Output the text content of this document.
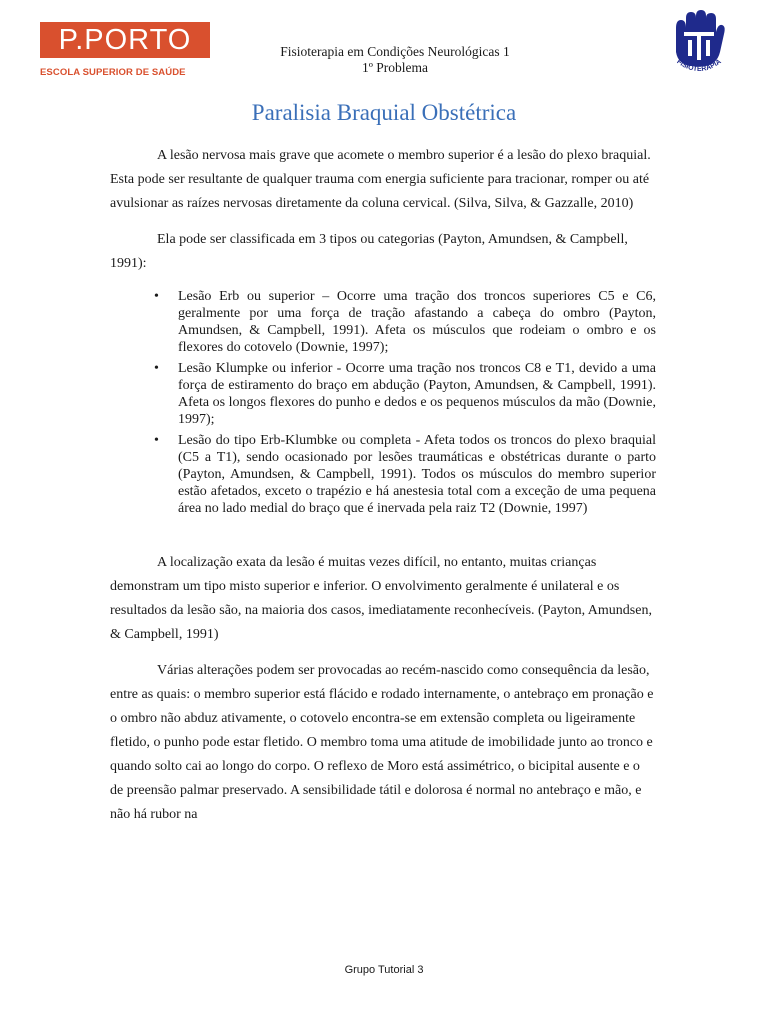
P.PORTO
ESCOLA SUPERIOR DE SAÚDE
Fisioterapia em Condições Neurológicas 1
1º Problema	FISIOTERAPIA
Paralisia Braquial Obstétrica

A lesão nervosa mais grave que acomete o membro superior é a lesão do plexo braquial. Esta pode ser resultante de qualquer trauma com energia suficiente para tracionar, romper ou até avulsionar as raízes nervosas diretamente da coluna cervical. (Silva, Silva, & Gazzalle, 2010)

Ela pode ser classificada em 3 tipos ou categorias (Payton, Amundsen, & Campbell, 1991):

• Lesão Erb ou superior – Ocorre uma tração dos troncos superiores C5 e C6, geralmente por uma força de tração afastando a cabeça do ombro (Payton, Amundsen, & Campbell, 1991). Afeta os músculos que rodeiam o ombro e os flexores do cotovelo (Downie, 1997);
• Lesão Klumpke ou inferior - Ocorre uma tração nos troncos C8 e T1, devido a uma força de estiramento do braço em abdução (Payton, Amundsen, & Campbell, 1991). Afeta os longos flexores do punho e dedos e os pequenos músculos da mão (Downie, 1997);
• Lesão do tipo Erb-Klumbke ou completa - Afeta todos os troncos do plexo braquial (C5 a T1), sendo ocasionado por lesões traumáticas e obstétricas durante o parto (Payton, Amundsen, & Campbell, 1991). Todos os músculos do membro superior estão afetados, exceto o trapézio e há anestesia total com a exceção de uma pequena área no lado medial do braço que é inervada pela raiz T2 (Downie, 1997)

A localização exata da lesão é muitas vezes difícil, no entanto, muitas crianças demonstram um tipo misto superior e inferior. O envolvimento geralmente é unilateral e os resultados da lesão são, na maioria dos casos, imediatamente reconhecíveis. (Payton, Amundsen, & Campbell, 1991)

Várias alterações podem ser provocadas ao recém-nascido como consequência da lesão, entre as quais: o membro superior está flácido e rodado internamente, o antebraço em pronação e o ombro não abduz ativamente, o cotovelo encontra-se em extensão completa ou ligeiramente fletido, o punho pode estar fletido. O membro toma uma atitude de imobilidade junto ao tronco e quando solto cai ao longo do corpo. O reflexo de Moro está assimétrico, o bicipital ausente e o de preensão palmar preservado. A sensibilidade tátil e dolorosa é normal no antebraço e mão, e não há rubor na

Grupo Tutorial 3
